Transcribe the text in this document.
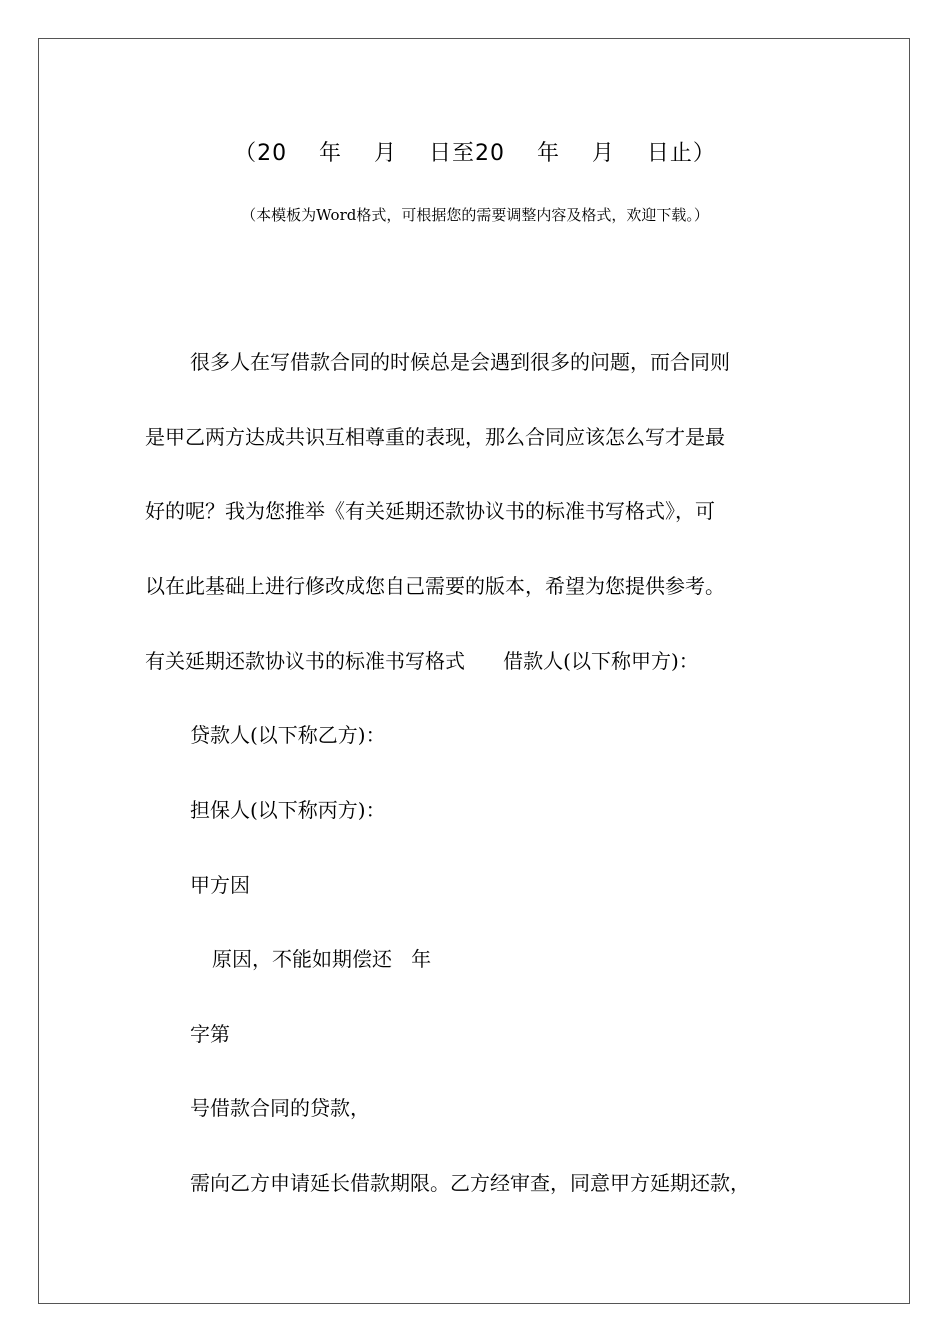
（20    年    月    日至20    年    月    日止）
（本模板为Word格式，可根据您的需要调整内容及格式，欢迎下载。）
很多人在写借款合同的时候总是会遇到很多的问题，而合同则
是甲乙两方达成共识互相尊重的表现，那么合同应该怎么写才是最
好的呢？我为您推举《有关延期还款协议书的标准书写格式》，可
以在此基础上进行修改成您自己需要的版本，希望为您提供参考。
有关延期还款协议书的标准书写格式      借款人(以下称甲方)：
贷款人(以下称乙方)：
担保人(以下称丙方)：
甲方因
原因，不能如期偿还   年
字第
号借款合同的贷款，
需向乙方申请延长借款期限。乙方经审查，同意甲方延期还款，
